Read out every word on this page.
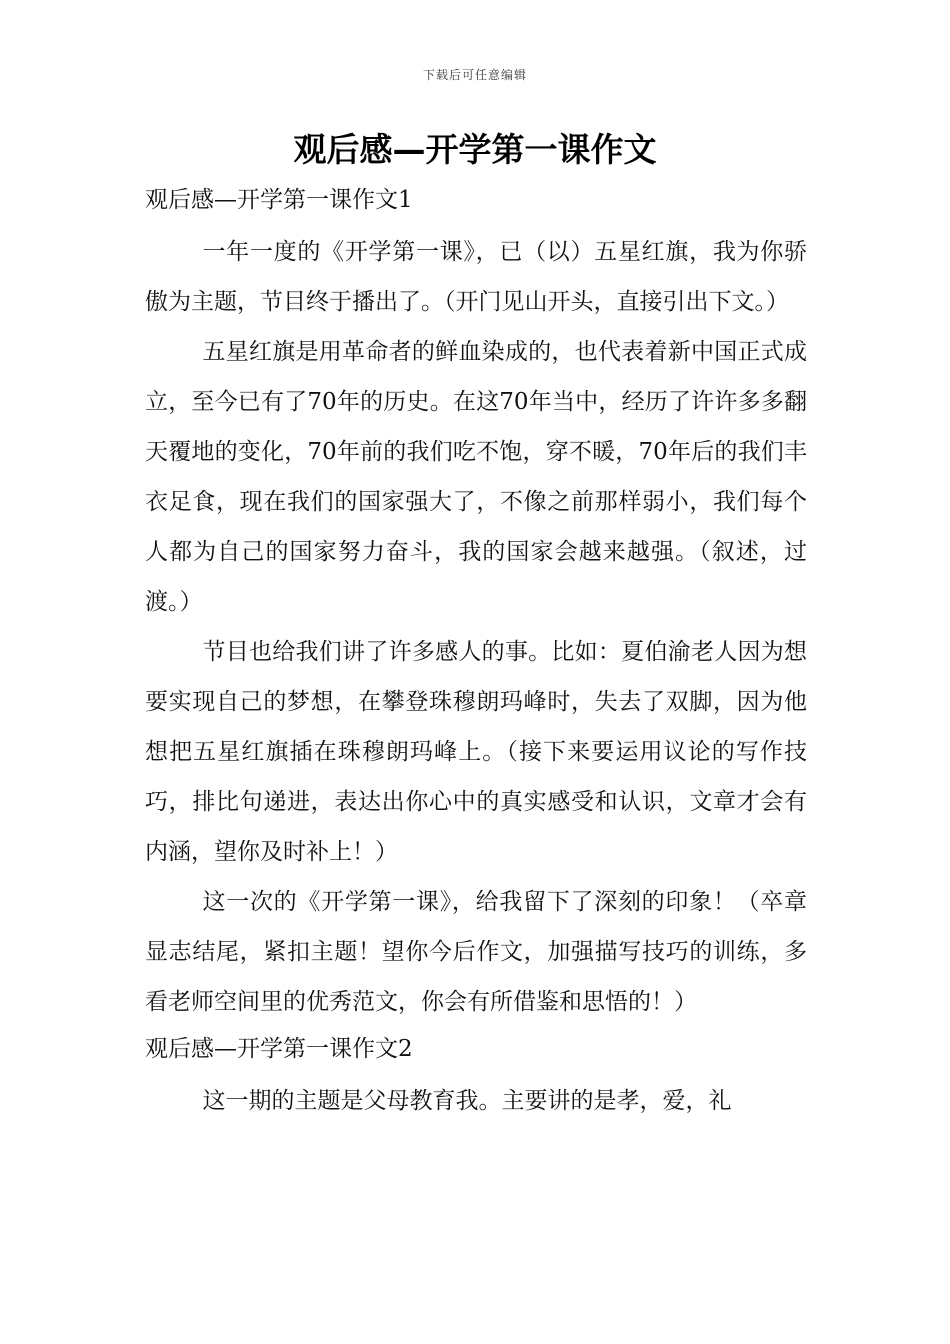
下载后可任意编辑
观后感—开学第一课作文
观后感—开学第一课作文1

一年一度的《开学第一课》，已（以）五星红旗，我为你骄傲为主题，节目终于播出了。（开门见山开头，直接引出下文。）

五星红旗是用革命者的鲜血染成的，也代表着新中国正式成立，至今已有了70年的历史。在这70年当中，经历了许许多多翻天覆地的变化，70年前的我们吃不饱，穿不暖，70年后的我们丰衣足食，现在我们的国家强大了，不像之前那样弱小，我们每个人都为自己的国家努力奋斗，我的国家会越来越强。（叙述，过渡。）

节目也给我们讲了许多感人的事。比如：夏伯渝老人因为想要实现自己的梦想，在攀登珠穆朗玛峰时，失去了双脚，因为他想把五星红旗插在珠穆朗玛峰上。（接下来要运用议论的写作技巧，排比句递进，表达出你心中的真实感受和认识，文章才会有内涵，望你及时补上！）

这一次的《开学第一课》，给我留下了深刻的印象！（卒章显志结尾，紧扣主题！望你今后作文，加强描写技巧的训练，多看老师空间里的优秀范文，你会有所借鉴和思悟的！）

观后感—开学第一课作文2

这一期的主题是父母教育我。主要讲的是孝，爱，礼
